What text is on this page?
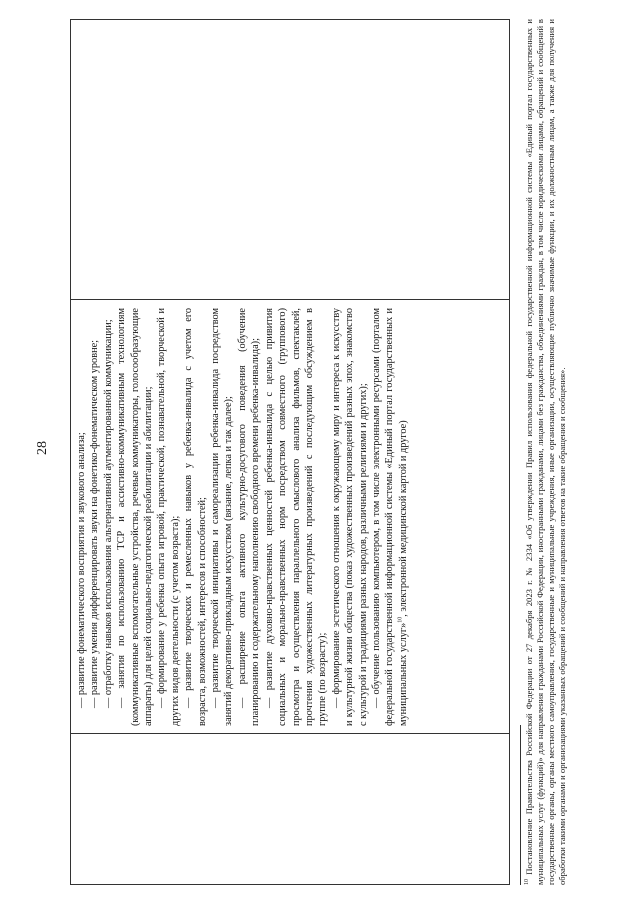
28	— развитие фонематического восприятия и звукового анализа; — развитие умения дифференцировать звуки на фонетико-фонематическом уровне; — отработку навыков использования альтернативной аугментированной коммуникации; — занятия по использованию ТСР и ассистивно-коммуникативным технологиям (коммуникативные вспомогательные устройства, речевые коммуникаторы, голосообразующие аппараты) для целей социально-педагогической реабилитации и абилитации; — формирование у ребенка опыта игровой, практической, познавательной, творческой и других видов деятельности (с учетом возраста); — развитие творческих и ремесленных навыков у ребенка-инвалида с учетом его возраста, возможностей, интересов и способностей; — развитие творческой инициативы и самореализации ребенка-инвалида посредством занятий декоративно-прикладным искусством (вязание, лепка и так далее); — расширение опыта активного культурно-досугового поведения (обучение планированию и содержательному наполнению свободного времени ребенка-инвалида); — развитие духовно-нравственных ценностей ребенка-инвалида с целью привития социальных и морально-нравственных норм посредством совместного (группового) просмотра и осуществления параллельного смыслового анализа фильмов, спектаклей, прочтения художественных литературных произведений с последующим обсуждением в группе (по возрасту); — формирование эстетического отношения к окружающему миру и интереса к искусству и культурной жизни общества (показ художественных произведений разных эпох, знакомство с культурой и традициями разных народов, различными религиями и других); — обучение пользованию компьютером, в том числе электронными ресурсами (порталом федеральной государственной информационной системы «Единый портал государственных и муниципальных услуг»$^{10}$, электронной медицинской картой и другое)

$^{10}$ Постановление Правительства Российской Федерации от 27 декабря 2023 г. № 2334 «Об утверждении Правил использования федеральной государственной информационной системы «Единый портал государственных и муниципальных услуг (функций)» для направления гражданами Российской Федерации, иностранными гражданами, лицами без гражданства, объединениями граждан, в том числе юридическими лицами, обращений и сообщений в государственные органы, органы местного самоуправления, государственные и муниципальные учреждения, иные организации, осуществляющие публично значимые функции, и их должностным лицам, а также для получения и обработки такими органами и организациями указанных обращений и сообщений и направления ответов на такие обращения и сообщения».
